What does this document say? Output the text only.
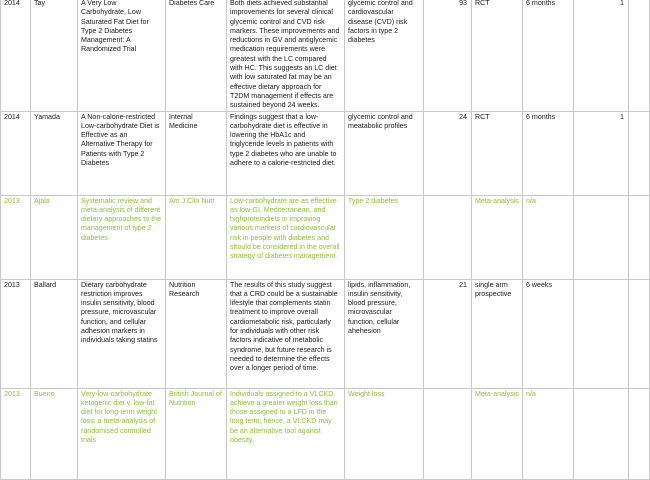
2014	Tay	A Very Low Carbohydrate, Low Saturated Fat Diet for Type 2 Diabetes Management: A Randomized Trial	Diabetes Care	Both diets achieved substantial improvements for several clinical glycemic control and CVD risk markers. These improvements and reductions in GV and antiglycemic medication requirements were greatest with the LC compared with HC. This suggests an LC diet with low saturated fat may be an effective dietary approach for T2DM management if effects are sustained beyond 24 weeks.	glycemic control and cardiovascular disease (CVD) risk factors in type 2 diabetes	93	RCT	6 months	1	
2014	Yamada	A Non-calorie-restricted Low-carbohydrate Diet is Effective as an Alternative Therapy for Patients with Type 2 Diabetes	Internal Medicine	Findings suggest that a low-carbohydrate diet is effective in lowering the HbA1c and triglyceride levels in patients with type 2 diabetes who are unable to adhere to a calorie-restricted diet.	glycemic control and meatabolic profiles	24	RCT	6 months	1	
2013	Ajala	Systematic review and meta-analysis of different dietary approaches to the management of type 2 diabetes	Am J Clin Nutr	Low-carbohydrate are as effective as low-GI, Mediterranean, and highproteindiets in improving various markers of cardiovascular risk in people with diabetes and should be considered in the overall strategy of diabetes management.	Type 2 diabetes		Meta-analysis	n/a		
2013	Ballard	Dietary carbohydrate restriction improves insulin sensitivity, blood pressure, microvascular function, and cellular adhesion markers in individuals taking statins	Nutrition Research	The results of this study suggest that a CRD could be a sustainable lifestyle that complements statin treatment to improve overall cardiometabolic risk, particularly for individuals with other risk factors indicative of metabolic syndrome, but future research is needed to determine the effects over a longer period of time.	lipids, inflammation, insulin sensitivity, blood pressure, microvascular function, cellular ahehesion	21	single arm prospective	6 weeks		
2013	Bueno	Very-low-carbohydrate ketogenic diet v. low-fat diet for long-term weight loss: a meta-analysis of randomised controlled trials	British Journal of Nutrition	Individuals assigned to a VLCKD achieve a greater weight loss than those assigned to a LFD in the long term; hence, a VLCKD may be an alternative tool against obesity.	Weight loss		Meta-analysis	n/a		
